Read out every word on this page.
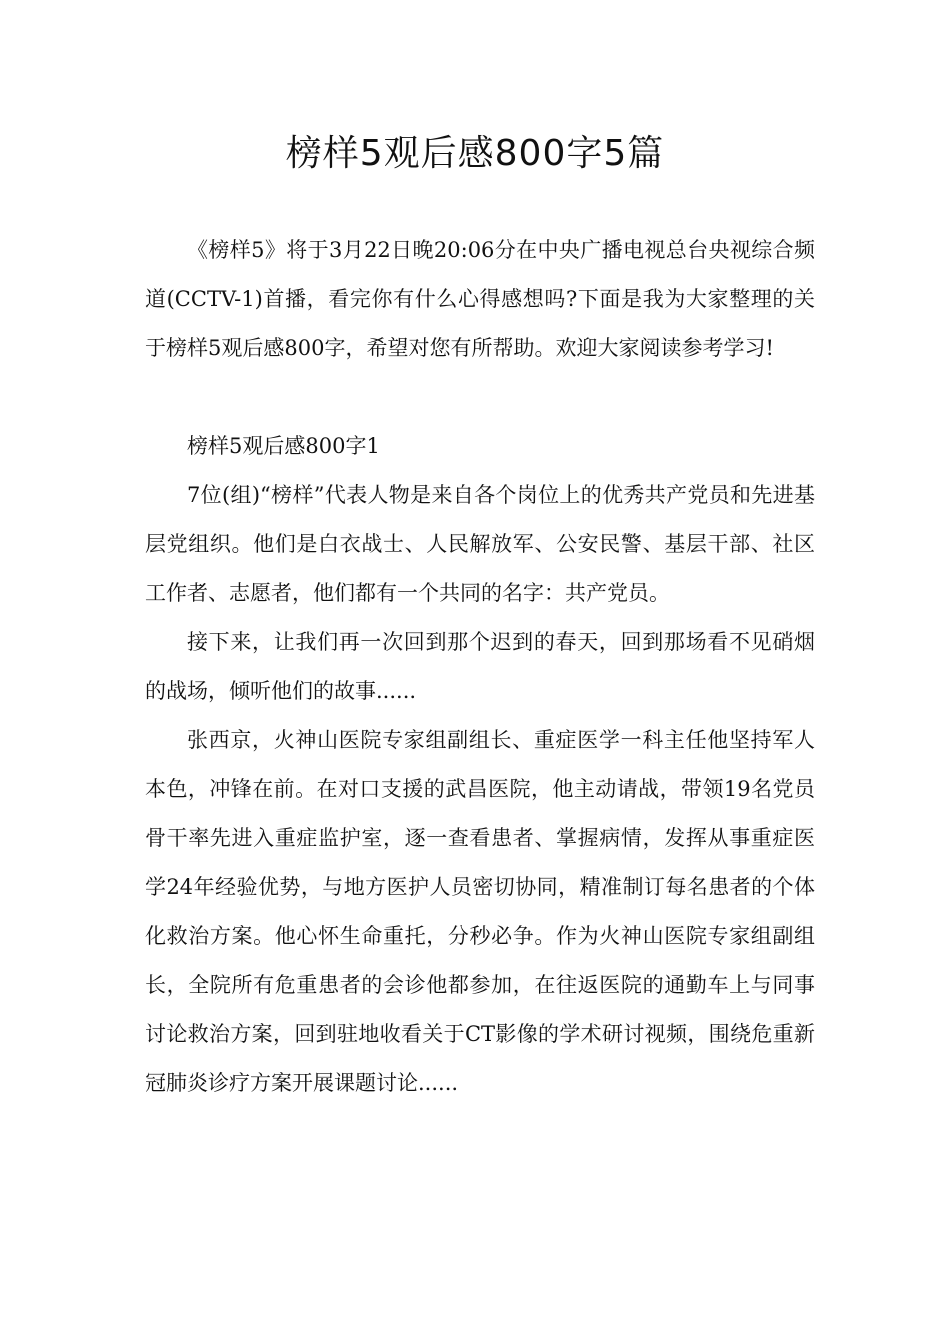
榜样5观后感800字5篇

《榜样5》将于3月22日晚20:06分在中央广播电视总台央视综合频道(CCTV-1)首播，看完你有什么心得感想吗?下面是我为大家整理的关于榜样5观后感800字，希望对您有所帮助。欢迎大家阅读参考学习!

榜样5观后感800字1

7位(组)“榜样”代表人物是来自各个岗位上的优秀共产党员和先进基层党组织。他们是白衣战士、人民解放军、公安民警、基层干部、社区工作者、志愿者，他们都有一个共同的名字：共产党员。

接下来，让我们再一次回到那个迟到的春天，回到那场看不见硝烟的战场，倾听他们的故事......

张西京，火神山医院专家组副组长、重症医学一科主任他坚持军人本色，冲锋在前。在对口支援的武昌医院，他主动请战，带领19名党员骨干率先进入重症监护室，逐一查看患者、掌握病情，发挥从事重症医学24年经验优势，与地方医护人员密切协同，精准制订每名患者的个体化救治方案。他心怀生命重托，分秒必争。作为火神山医院专家组副组长，全院所有危重患者的会诊他都参加，在往返医院的通勤车上与同事讨论救治方案，回到驻地收看关于CT影像的学术研讨视频，围绕危重新冠肺炎诊疗方案开展课题讨论......
